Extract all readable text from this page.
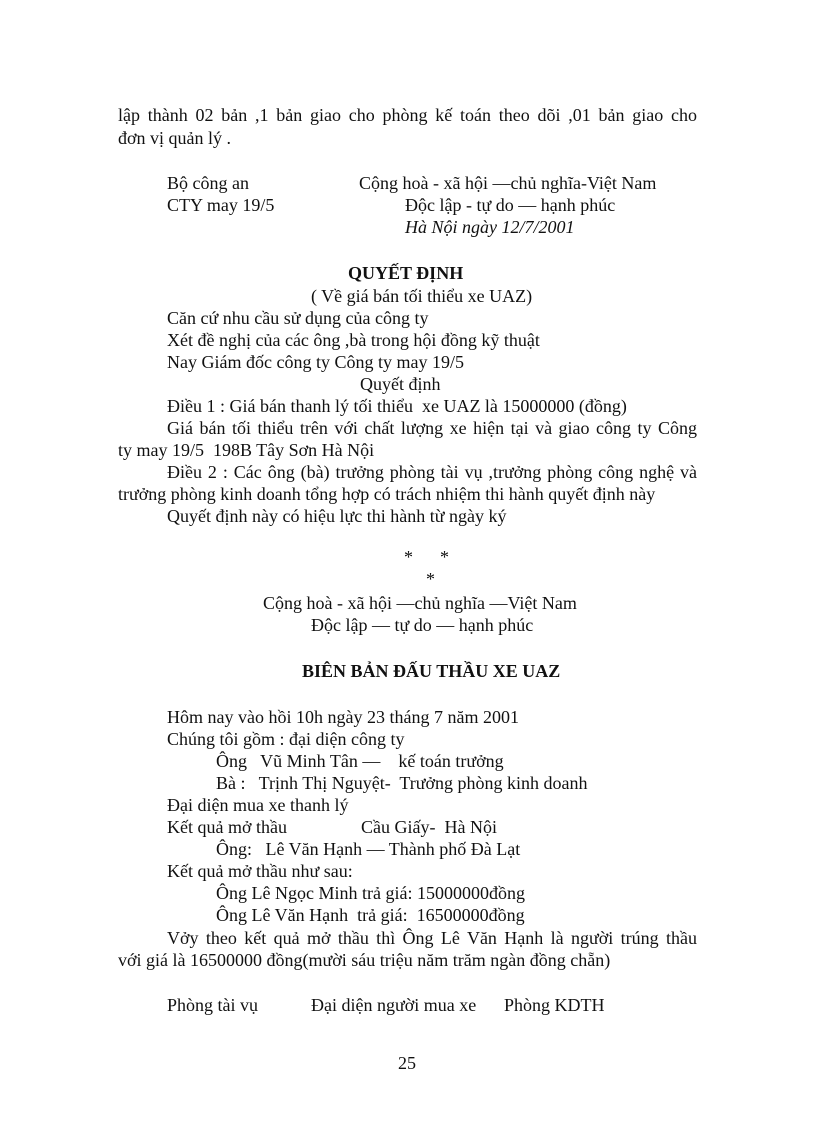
lập thành 02 bản ,1 bản giao cho phòng kế toán theo dõi ,01 bản giao cho
đơn vị quản lý .
Bộ công an
CTY may 19/5
Cộng hoà - xã hội —chủ nghĩa-Việt Nam
Độc lập - tự do — hạnh phúc
Hà Nội ngày 12/7/2001
QUYẾT ĐỊNH
( Về giá bán tối thiểu xe UAZ)
Căn cứ nhu cầu sử dụng của công ty
Xét đề nghị của các ông ,bà trong hội đồng kỹ thuật
Nay Giám đốc công ty Công ty may 19/5
Quyết định
Điều 1 : Giá bán thanh lý tối thiểu  xe UAZ là 15000000 (đồng)
Giá bán tối thiểu trên với chất lượng xe hiện tại và giao công ty Công
ty may 19/5  198B Tây Sơn Hà Nội
Điều 2 : Các ông (bà) trưởng phòng tài vụ ,trưởng phòng công nghệ và
trưởng phòng kinh doanh tổng hợp có trách nhiệm thi hành quyết định này
Quyết định này có hiệu lực thi hành từ ngày ký
*      *
*
Cộng hoà - xã hội —chủ nghĩa —Việt Nam
Độc lập — tự do — hạnh phúc
BIÊN BẢN ĐẤU THẦU XE UAZ
Hôm nay vào hồi 10h ngày 23 tháng 7 năm 2001
Chúng tôi gồm : đại diện công ty
Ông   Vũ Minh Tân —    kế toán trưởng
Bà :   Trịnh Thị Nguyệt-  Trưởng phòng kinh doanh
Đại diện mua xe thanh lý
Kết quả mở thầu	Cầu Giấy-  Hà Nội
Ông:   Lê Văn Hạnh — Thành phố Đà Lạt
Kết quả mở thầu như sau:
Ông Lê Ngọc Minh trả giá: 15000000đồng
Ông Lê Văn Hạnh  trả giá:  16500000đồng
Vởy theo kết quả mở thầu thì Ông Lê Văn Hạnh là người trúng thầu
với giá là 16500000 đồng(mười sáu triệu năm trăm ngàn đồng chẵn)
Phòng tài vụ	Đại diện người mua xe Phòng KDTH
25
